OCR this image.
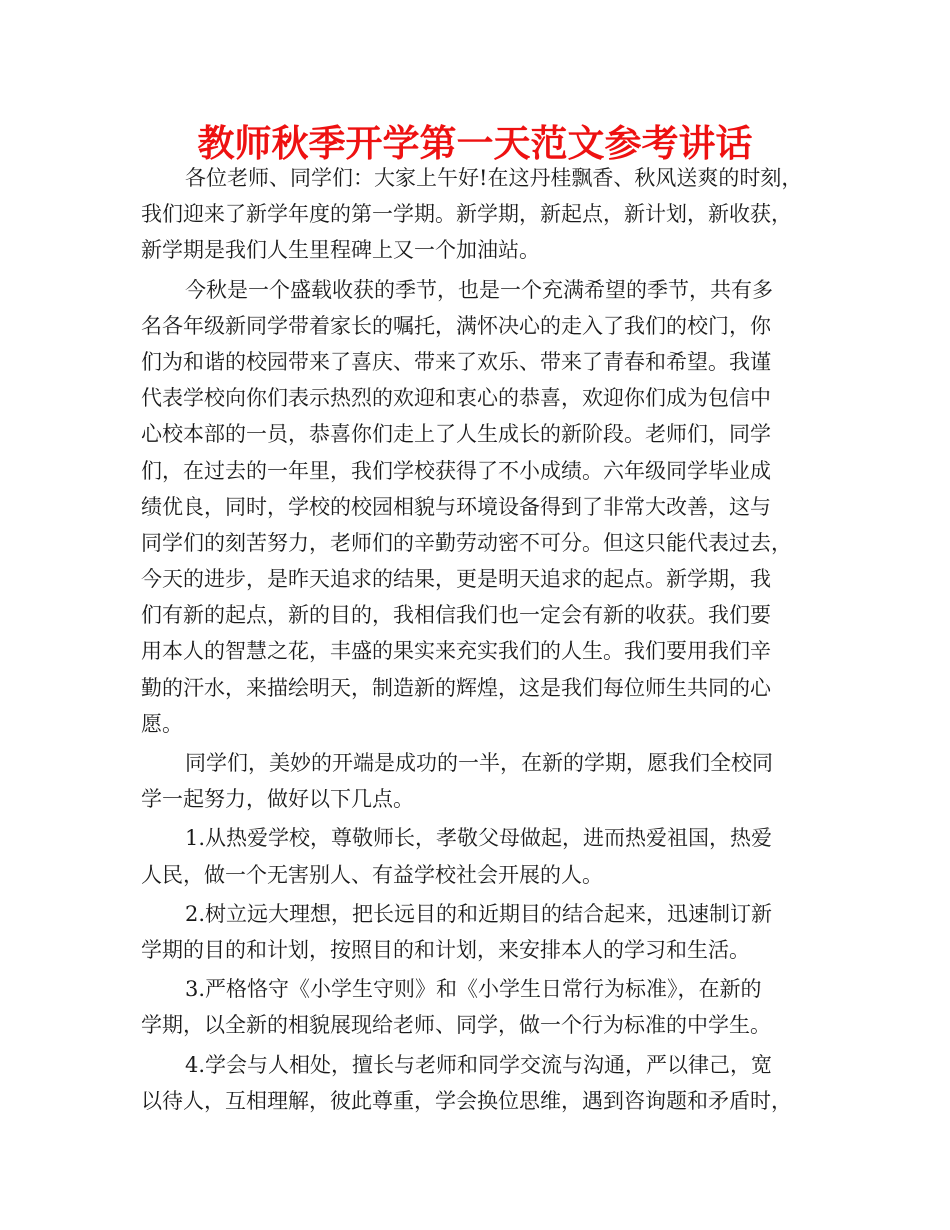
教师秋季开学第一天范文参考讲话
各位老师、同学们：大家上午好!在这丹桂飘香、秋风送爽的时刻，
我们迎来了新学年度的第一学期。新学期，新起点，新计划，新收获，
新学期是我们人生里程碑上又一个加油站。
今秋是一个盛载收获的季节，也是一个充满希望的季节，共有多
名各年级新同学带着家长的嘱托，满怀决心的走入了我们的校门，你
们为和谐的校园带来了喜庆、带来了欢乐、带来了青春和希望。我谨
代表学校向你们表示热烈的欢迎和衷心的恭喜，欢迎你们成为包信中
心校本部的一员，恭喜你们走上了人生成长的新阶段。老师们，同学
们，在过去的一年里，我们学校获得了不小成绩。六年级同学毕业成
绩优良，同时，学校的校园相貌与环境设备得到了非常大改善，这与
同学们的刻苦努力，老师们的辛勤劳动密不可分。但这只能代表过去，
今天的进步，是昨天追求的结果，更是明天追求的起点。新学期，我
们有新的起点，新的目的，我相信我们也一定会有新的收获。我们要
用本人的智慧之花，丰盛的果实来充实我们的人生。我们要用我们辛
勤的汗水，来描绘明天，制造新的辉煌，这是我们每位师生共同的心
愿。
同学们，美妙的开端是成功的一半，在新的学期，愿我们全校同
学一起努力，做好以下几点。
1.从热爱学校，尊敬师长，孝敬父母做起，进而热爱祖国，热爱
人民，做一个无害别人、有益学校社会开展的人。
2.树立远大理想，把长远目的和近期目的结合起来，迅速制订新
学期的目的和计划，按照目的和计划，来安排本人的学习和生活。
3.严格恪守《小学生守则》和《小学生日常行为标准》，在新的
学期，以全新的相貌展现给老师、同学，做一个行为标准的中学生。
4.学会与人相处，擅长与老师和同学交流与沟通，严以律己，宽
以待人，互相理解，彼此尊重，学会换位思维，遇到咨询题和矛盾时，
